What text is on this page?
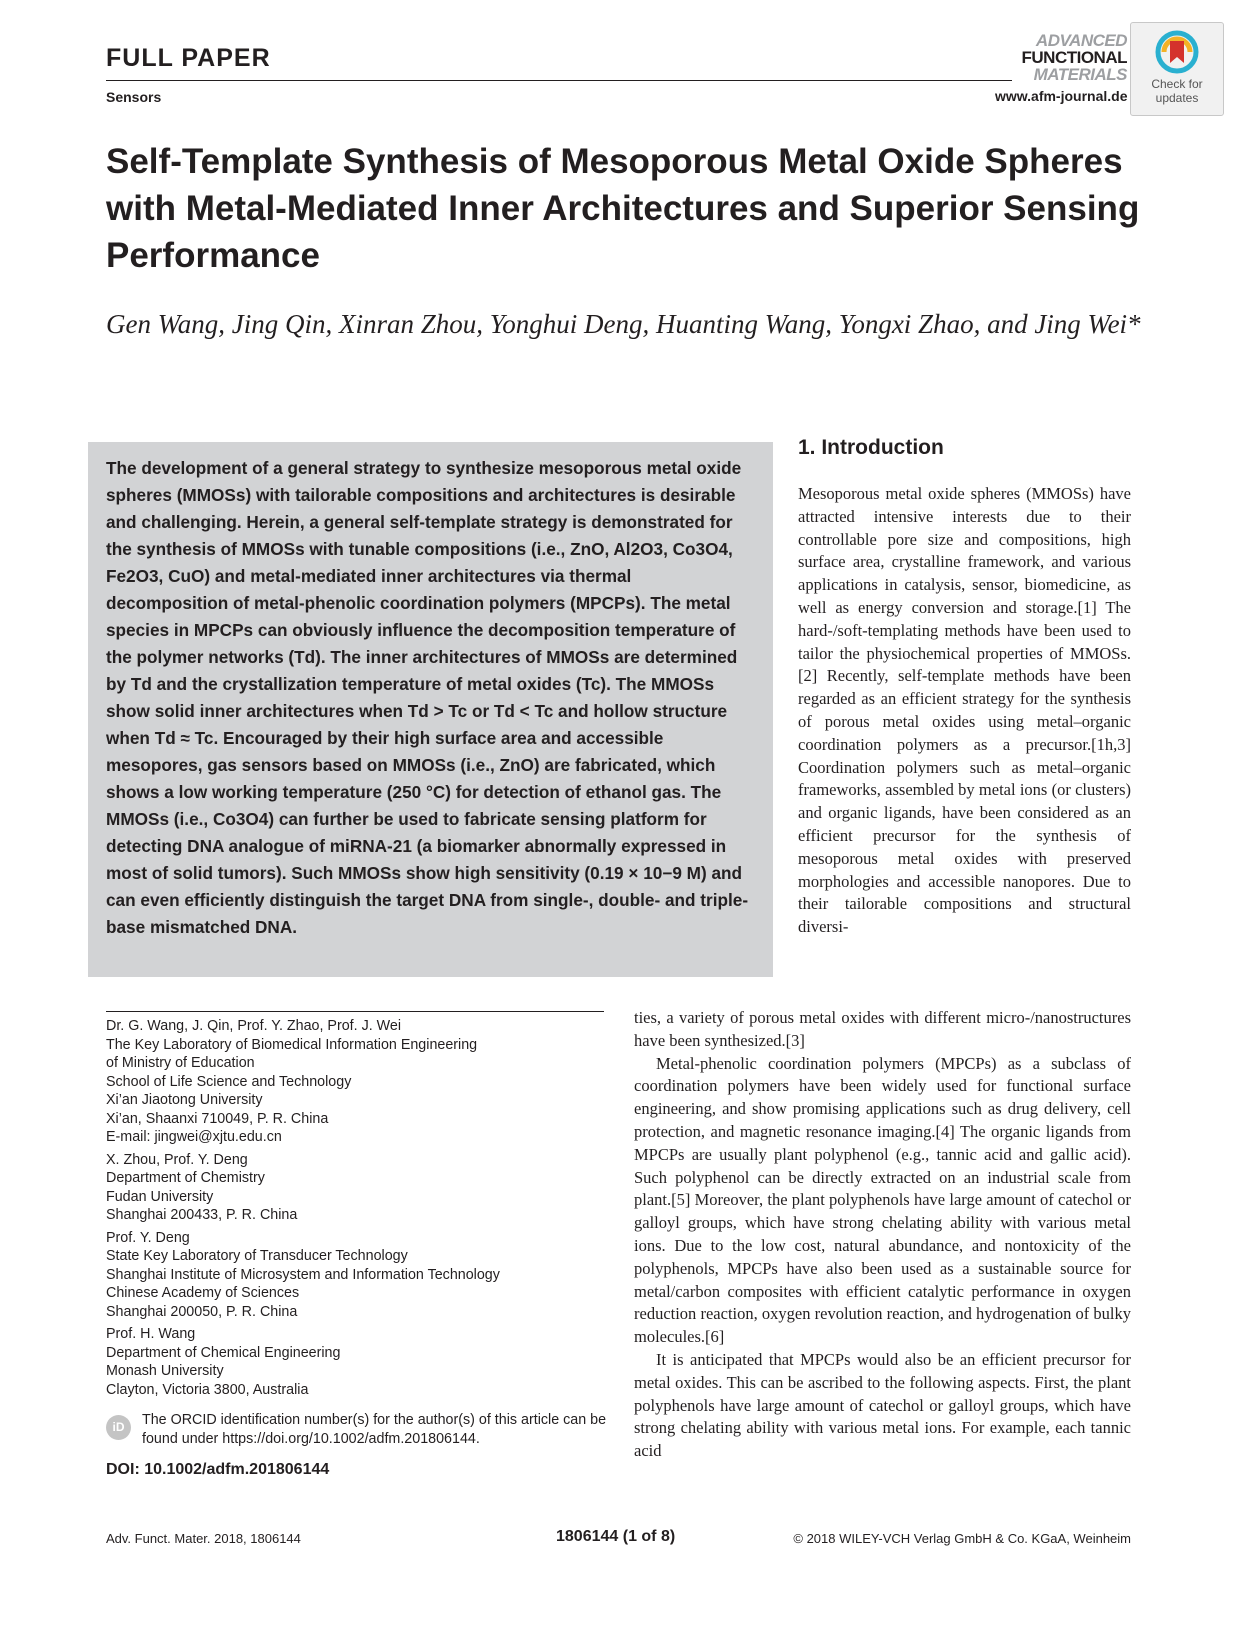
FULL PAPER
Sensors
ADVANCED
FUNCTIONAL
MATERIALS
www.afm-journal.de
Check for updates
Self-Template Synthesis of Mesoporous Metal Oxide Spheres with Metal-Mediated Inner Architectures and Superior Sensing Performance
Gen Wang, Jing Qin, Xinran Zhou, Yonghui Deng, Huanting Wang, Yongxi Zhao, and Jing Wei*
The development of a general strategy to synthesize mesoporous metal oxide spheres (MMOSs) with tailorable compositions and architectures is desirable and challenging. Herein, a general self-template strategy is demonstrated for the synthesis of MMOSs with tunable compositions (i.e., ZnO, Al2O3, Co3O4, Fe2O3, CuO) and metal-mediated inner architectures via thermal decomposition of metal-phenolic coordination polymers (MPCPs). The metal species in MPCPs can obviously influence the decomposition temperature of the polymer networks (Td). The inner architectures of MMOSs are determined by Td and the crystallization temperature of metal oxides (Tc). The MMOSs show solid inner architectures when Td > Tc or Td < Tc and hollow structure when Td ≈ Tc. Encouraged by their high surface area and accessible mesopores, gas sensors based on MMOSs (i.e., ZnO) are fabricated, which shows a low working temperature (250 °C) for detection of ethanol gas. The MMOSs (i.e., Co3O4) can further be used to fabricate sensing platform for detecting DNA analogue of miRNA-21 (a biomarker abnormally expressed in most of solid tumors). Such MMOSs show high sensitivity (0.19 × 10−9 M) and can even efficiently distinguish the target DNA from single-, double- and triple-base mismatched DNA.
1. Introduction
Mesoporous metal oxide spheres (MMOSs) have attracted intensive interests due to their controllable pore size and compositions, high surface area, crystalline framework, and various applications in catalysis, sensor, biomedicine, as well as energy conversion and storage.[1] The hard-/soft-templating methods have been used to tailor the physiochemical properties of MMOSs.[2] Recently, self-template methods have been regarded as an efficient strategy for the synthesis of porous metal oxides using metal–organic coordination polymers as a precursor.[1h,3] Coordination polymers such as metal–organic frameworks, assembled by metal ions (or clusters) and organic ligands, have been considered as an efficient precursor for the synthesis of mesoporous metal oxides with preserved morphologies and accessible nanopores. Due to their tailorable compositions and structural diversi-

ties, a variety of porous metal oxides with different micro-/nanostructures have been synthesized.[3]

Metal-phenolic coordination polymers (MPCPs) as a subclass of coordination polymers have been widely used for functional surface engineering, and show promising applications such as drug delivery, cell protection, and magnetic resonance imaging.[4] The organic ligands from MPCPs are usually plant polyphenol (e.g., tannic acid and gallic acid). Such polyphenol can be directly extracted on an industrial scale from plant.[5] Moreover, the plant polyphenols have large amount of catechol or galloyl groups, which have strong chelating ability with various metal ions. Due to the low cost, natural abundance, and nontoxicity of the polyphenols, MPCPs have also been used as a sustainable source for metal/carbon composites with efficient catalytic performance in oxygen reduction reaction, oxygen revolution reaction, and hydrogenation of bulky molecules.[6]

It is anticipated that MPCPs would also be an efficient precursor for metal oxides. This can be ascribed to the following aspects. First, the plant polyphenols have large amount of catechol or galloyl groups, which have strong chelating ability with various metal ions. For example, each tannic acid

Dr. G. Wang, J. Qin, Prof. Y. Zhao, Prof. J. Wei
The Key Laboratory of Biomedical Information Engineering
of Ministry of Education
School of Life Science and Technology
Xi’an Jiaotong University
Xi’an, Shaanxi 710049, P. R. China
E-mail: jingwei@xjtu.edu.cn
X. Zhou, Prof. Y. Deng
Department of Chemistry
Fudan University
Shanghai 200433, P. R. China
Prof. Y. Deng
State Key Laboratory of Transducer Technology
Shanghai Institute of Microsystem and Information Technology
Chinese Academy of Sciences
Shanghai 200050, P. R. China
Prof. H. Wang
Department of Chemical Engineering
Monash University
Clayton, Victoria 3800, Australia
iD	The ORCID identification number(s) for the author(s) of this article can be found under https://doi.org/10.1002/adfm.201806144.
DOI: 10.1002/adfm.201806144
Adv. Funct. Mater. 2018, 1806144	1806144 (1 of 8)	© 2018 WILEY-VCH Verlag GmbH & Co. KGaA, Weinheim
